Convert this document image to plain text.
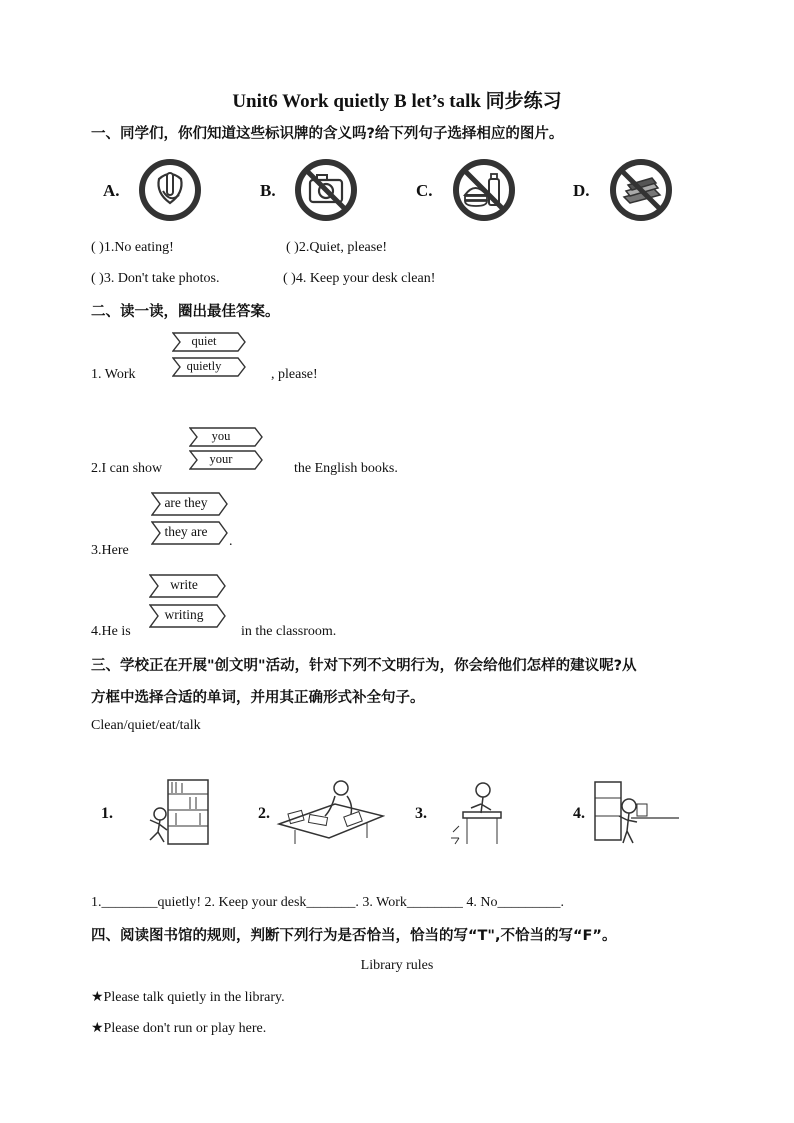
Unit6 Work quietly B let’s talk 同步练习
一、同学们，你们知道这些标识牌的含义吗?给下列句子选择相应的图片。
A.	B.	C.	D.
( )1.No eating!	( )2.Quiet, please!
( )3. Don't take photos.	( )4. Keep your desk clean!
二、读一读，圈出最佳答案。
1. Work
quiet
quietly
, please!
2.I can show
you
your
the English books.
3.Here
are they
they are
.
4.He is
write
writing
in the classroom.
三、学校正在开展"创文明"活动，针对下列不文明行为，你会给他们怎样的建议呢?从
方框中选择合适的单词，并用其正确形式补全句子。
Clean/quiet/eat/talk
1.	2.	3.	4.
1.________quietly! 2. Keep your desk_______. 3. Work________ 4. No_________.
四、阅读图书馆的规则，判断下列行为是否恰当，恰当的写“T",不恰当的写“F”。
Library rules
★Please talk quietly in the library.
★Please don't run or play here.
